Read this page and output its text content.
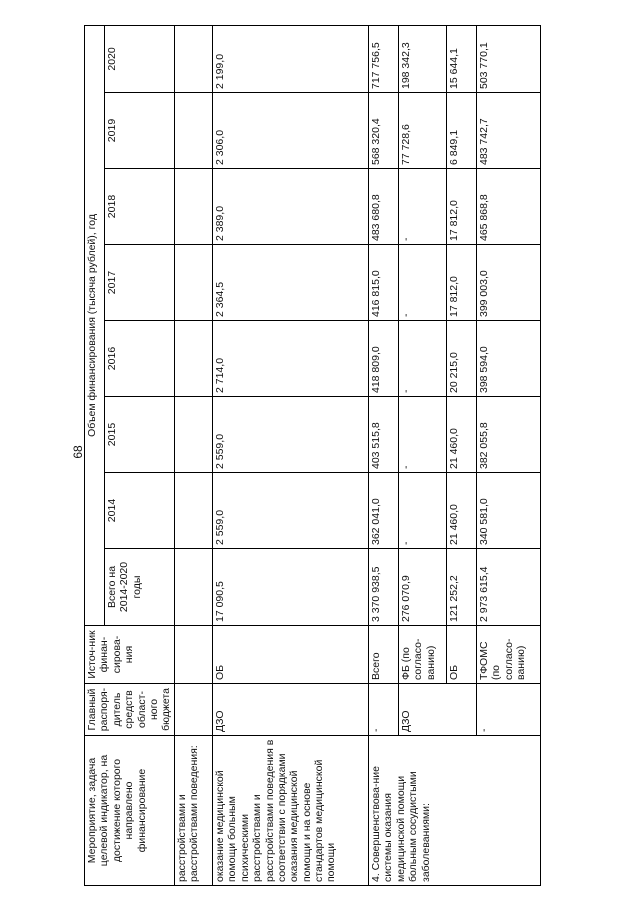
68
Мероприятие, задача целевой индикатор, на достижение которого направлено финансирование	Главный распоря-дитель средств област-ного бюджета	Источ-ник финан-сирова-ния	Объем финансирования (тысяча рублей), год							
			Всего на 2014-2020 годы	2014	2015	2016	2017	2018	2019	2020
расстройствами и расстройствами поведения:										
оказание медицинской помощи больным психическими расстройствами и расстройствами поведения в соответствии с порядками оказания медицинской помощи и на основе стандартов медицинской помощи	ДЗО	ОБ	17 090,5	2 559,0	2 559,0	2 714,0	2 364,5	2 389,0	2 306,0	2 199,0
4. Совершенствова-ние системы оказания медицинской помощи больным сосудистыми заболеваниями:	-	Всего	3 370 938,5	362 041,0	403 515,8	418 809,0	416 815,0	483 680,8	568 320,4	717 756,5
	ДЗО	ФБ (по согласо-ванию)	276 070,9	-	-	-	-	-	77 728,6	198 342,3
		ОБ	121 252,2	21 460,0	21 460,0	20 215,0	17 812,0	17 812,0	6 849,1	15 644,1
	-	ТФОМС (по согласо-ванию)	2 973 615,4	340 581,0	382 055,8	398 594,0	399 003,0	465 868,8	483 742,7	503 770,1
